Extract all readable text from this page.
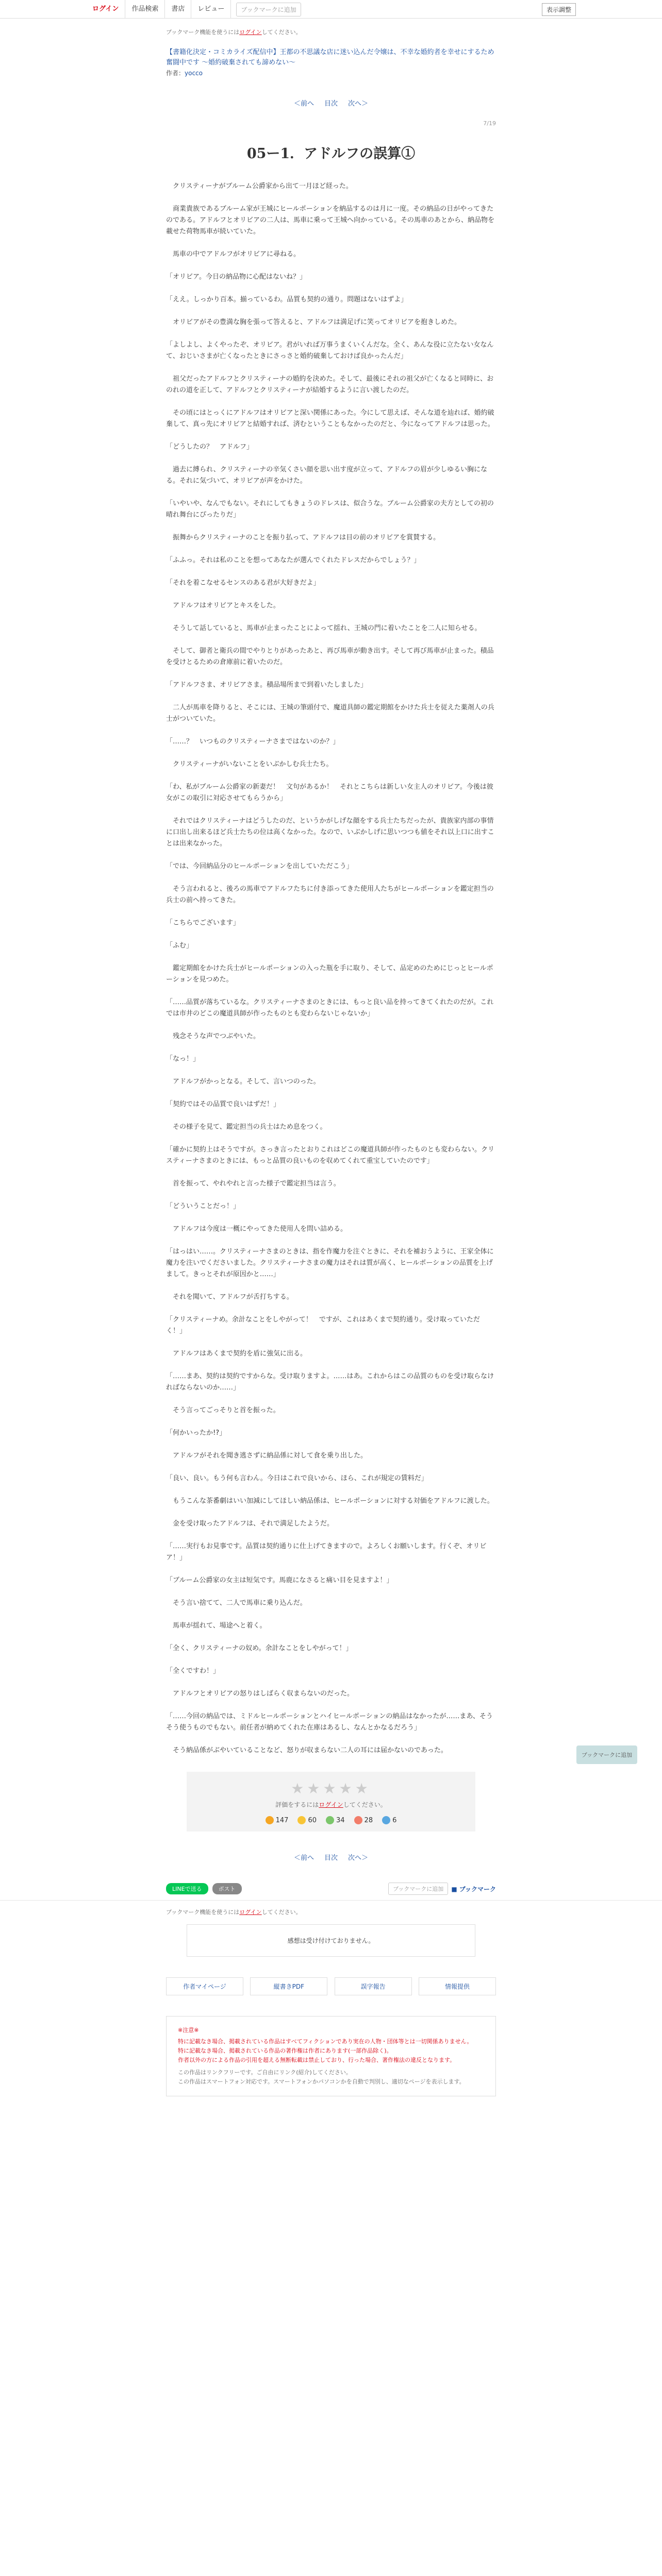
ログイン	作品検索	書店	レビュー	ブックマークに追加	表示調整
ブックマーク機能を使うにはログインしてください。
【書籍化決定・コミカライズ配信中】王都の不思議な店に迷い込んだ令嬢は、不幸な婚約者を幸せにするため奮闘中です ～婚約破棄されても諦めない～
作者：yocco
＜前へ 目次 次へ＞
7/19
05ー1．アドルフの誤算①

　クリスティーナがブルーム公爵家から出て一月ほど経った。

　商業貴族であるブルーム家が王城にヒールポーションを納品するのは月に一度。その納品の日がやってきたのである。アドルフとオリビアの二人は、馬車に乗って王城へ向かっている。その馬車のあとから、納品物を載せた荷物馬車が続いていた。

　馬車の中でアドルフがオリビアに尋ねる。

「オリビア。今日の納品物に心配はないね？」

「ええ。しっかり百本。揃っているわ。品質も契約の通り。問題はないはずよ」

　オリビアがその豊満な胸を張って答えると、アドルフは満足げに笑ってオリビアを抱きしめた。

「よしよし、よくやったぞ、オリビア。君がいれば万事うまくいくんだな。全く、あんな役に立たない女なんて、おじいさまが亡くなったときにさっさと婚約破棄しておけば良かったんだ」

　祖父だったアドルフとクリスティーナの婚約を決めた。そして、最後にそれの祖父が亡くなると同時に、おのれの道を正して、アドルフとクリスティーナが結婚するように言い渡したのだ。

　その頃にはとっくにアドルフはオリビアと深い関係にあった。今にして思えば、そんな道を辿れば、婚約破棄して、真っ先にオリビアと結婚すれば、済むということもなかったのだと、今になってアドルフは思った。

「どうしたの？　アドルフ」

　過去に縛られ、クリスティーナの辛気くさい顔を思い出す度が立って、アドルフの眉が少しゆるい胸になる。それに気づいて、オリビアが声をかけた。

「いやいや、なんでもない。それにしてもきょうのドレスは、似合うな。ブルーム公爵家の夫方としての初の晴れ舞台にぴったりだ」

　振舞からクリスティーナのことを振り払って、アドルフは目の前のオリビアを賞賛する。

「ふふっ。それは私のことを想ってあなたが選んでくれたドレスだからでしょう？」

「それを着こなせるセンスのある君が大好きだよ」

　アドルフはオリビアとキスをした。

　そうして話していると、馬車が止まったことによって揺れ、王城の門に着いたことを二人に知らせる。

　そして、御者と衛兵の間でやりとりがあったあと、再び馬車が動き出す。そして再び馬車が止まった。積品を受けとるための倉庫前に着いたのだ。

「アドルフさま、オリビアさま。積品場所まで到着いたしました」

　二人が馬車を降りると、そこには、王城の筆頭付で、魔道具師の鑑定期館をかけた兵士を従えた薬剤人の兵士がついていた。

「……？　いつものクリスティーナさまではないのか？」

　クリスティーナがいないことをいぶかしむ兵士たち。

「わ、私がブルーム公爵家の新妻だ！　文句があるか！　それとこちらは新しい女主人のオリビア。今後は彼女がこの取引に対応させてもらうから」

　それではクリスティーナはどうしたのだ、というかがしげな顔をする兵士たちだったが、貴族家内部の事情に口出し出来るほど兵士たちの位は高くなかった。なので、いぶかしげに思いつつも値をそれ以上口に出すことは出来なかった。

「では、今回納品分のヒールポーションを出していただこう」

　そう言われると、後ろの馬車でアドルフたちに付き添ってきた使用人たちがヒールポーションを鑑定担当の兵士の前へ持ってきた。

「こちらでございます」

「ふむ」

　鑑定期館をかけた兵士がヒールポーションの入った瓶を手に取り、そして、品定めのためにじっとヒールポーションを見つめた。

「……品質が落ちているな。クリスティーナさまのときには、もっと良い品を持ってきてくれたのだが。これでは市井のどこの魔道具師が作ったものとも変わらないじゃないか」

　残念そうな声でつぶやいた。

「なっ！」

　アドルフがかっとなる。そして、言いつのった。

「契約ではその品質で良いはずだ！」

　その様子を見て、鑑定担当の兵士はため息をつく。

「確かに契約上はそうですが。さっき言ったとおりこれはどこの魔道具師が作ったものとも変わらない。クリスティーナさまのときには、もっと品質の良いものを収めてくれて重宝していたのです」

　首を振って、やれやれと言った様子で鑑定担当は言う。

「どういうことだっ！」

　アドルフは今度は一概にやってきた使用人を問い詰める。

「はっはい……。クリスティーナさまのときは、指を作魔力を注ぐときに、それを補おうように、王家全体に魔力を注いでくださいました。クリスティーナさまの魔力はそれは質が高く、ヒールポーションの品質を上げまして。きっとそれが原因かと……」

　それを聞いて、アドルフが舌打ちする。

「クリスティーナめ。余計なことをしやがって！　ですが、これはあくまで契約通り。受け取っていただく！」

　アドルフはあくまで契約を盾に強気に出る。

「……まあ、契約は契約ですからな。受け取りますよ。……はあ。これからはこの品質のものを受け取らなければならないのか……」

　そう言ってごっそりと首を振った。

「何かいったか!?」

　アドルフがそれを聞き逃さずに納品係に対して食を乗り出した。

「良い、良い。もう何も言わん。今日はこれで良いから、ほら、これが規定の賃料だ」

　もうこんな茶番劇はいい加減にしてほしい納品係は、ヒールポーションに対する対価をアドルフに渡した。

　金を受け取ったアドルフは、それで満足したようだ。

「……実行もお見事です。品質は契約通りに仕上げてきますので。よろしくお願いします。行くぞ、オリビア！」

「ブルーム公爵家の女主は短気です。馬鹿になさると痛い目を見ますよ！」

　そう言い捨てて、二人で馬車に乗り込んだ。

　馬車が揺れて、場途へと着く。

「全く、クリスティーナの奴め。余計なことをしやがって！」

「全くですわ！」

　アドルフとオリビアの怒りはしばらく収まらないのだった。

「……今回の納品では、ミドルヒールポーションとハイヒールポーションの納品はなかったが……まあ、そうそう使うものでもない。前任者が納めてくれた在庫はあるし、なんとかなるだろう」

　そう納品係がぶやいていることなど、怒りが収まらない二人の耳には届かないのであった。

★★★★★
評価をするにはログインしてください。
147	60	34	28	6
＜前へ 目次 次へ＞
ブックマークに追加
LINEで送る	ポスト	ブックマークに追加	■ ブックマーク
ブックマーク機能を使うにはログインしてください。
感想は受け付けておりません。
作者マイページ	縦書きPDF	誤字報告	情報提供
※注意※
特に記載なき場合、掲載されている作品はすべてフィクションであり実在の人物・団体等とは一切関係ありません。
特に記載なき場合、掲載されている作品の著作権は作者にあります(一部作品除く)。
作者以外の方による作品の引用を超える無断転載は禁止しており、行った場合、著作権法の違反となります。
この作品はリンクフリーです。ご自由にリンク(紹介)してください。
この作品はスマートフォン対応です。スマートフォンかパソコンかを自動で判別し、適切なページを表示します。
